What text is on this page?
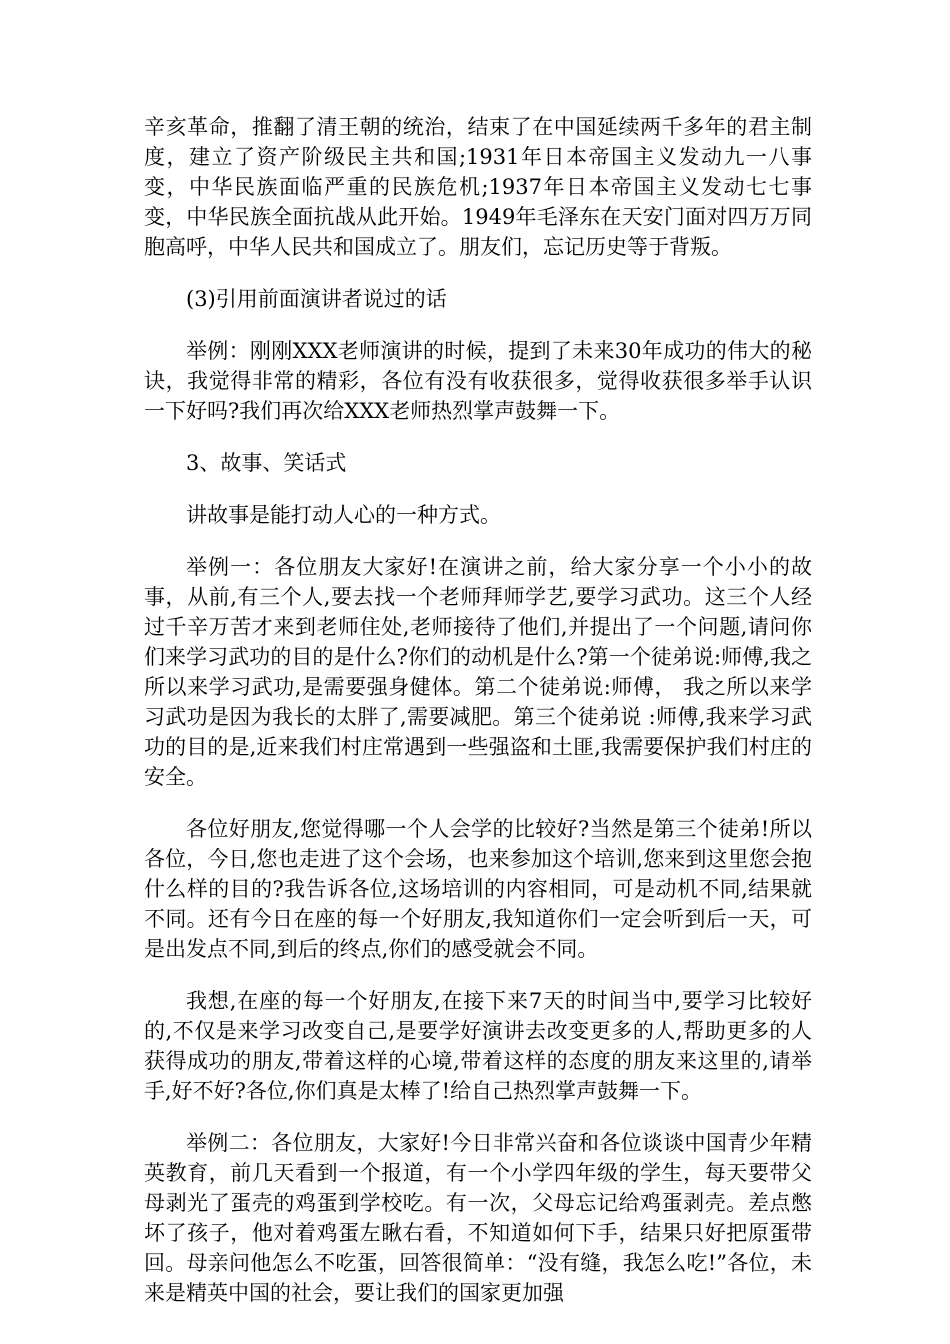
辛亥革命，推翻了清王朝的统治，结束了在中国延续两千多年的君主制度，建立了资产阶级民主共和国;1931年日本帝国主义发动九一八事变，中华民族面临严重的民族危机;1937年日本帝国主义发动七七事变，中华民族全面抗战从此开始。1949年毛泽东在天安门面对四万万同胞高呼，中华人民共和国成立了。朋友们，忘记历史等于背叛。

(3)引用前面演讲者说过的话

举例：刚刚XXX老师演讲的时候，提到了未来30年成功的伟大的秘诀，我觉得非常的精彩，各位有没有收获很多，觉得收获很多举手认识一下好吗?我们再次给XXX老师热烈掌声鼓舞一下。

3、故事、笑话式

讲故事是能打动人心的一种方式。

举例一：各位朋友大家好!在演讲之前，给大家分享一个小小的故事，从前,有三个人,要去找一个老师拜师学艺,要学习武功。这三个人经过千辛万苦才来到老师住处,老师接待了他们,并提出了一个问题,请问你们来学习武功的目的是什么?你们的动机是什么?第一个徒弟说:师傅,我之所以来学习武功,是需要强身健体。第二个徒弟说:师傅， 我之所以来学习武功是因为我长的太胖了,需要减肥。第三个徒弟说 :师傅,我来学习武功的目的是,近来我们村庄常遇到一些强盗和土匪,我需要保护我们村庄的安全。

各位好朋友,您觉得哪一个人会学的比较好?当然是第三个徒弟!所以各位，今日,您也走进了这个会场，也来参加这个培训,您来到这里您会抱什么样的目的?我告诉各位,这场培训的内容相同，可是动机不同,结果就不同。还有今日在座的每一个好朋友,我知道你们一定会听到后一天，可是出发点不同,到后的终点,你们的感受就会不同。

我想,在座的每一个好朋友,在接下来7天的时间当中,要学习比较好的,不仅是来学习改变自己,是要学好演讲去改变更多的人,帮助更多的人获得成功的朋友,带着这样的心境,带着这样的态度的朋友来这里的,请举手,好不好?各位,你们真是太棒了!给自己热烈掌声鼓舞一下。

举例二：各位朋友，大家好!今日非常兴奋和各位谈谈中国青少年精英教育，前几天看到一个报道，有一个小学四年级的学生，每天要带父母剥光了蛋壳的鸡蛋到学校吃。有一次，父母忘记给鸡蛋剥壳。差点憋坏了孩子，他对着鸡蛋左瞅右看，不知道如何下手，结果只好把原蛋带回。母亲问他怎么不吃蛋，回答很简单：“没有缝，我怎么吃!”各位，未来是精英中国的社会，要让我们的国家更加强
